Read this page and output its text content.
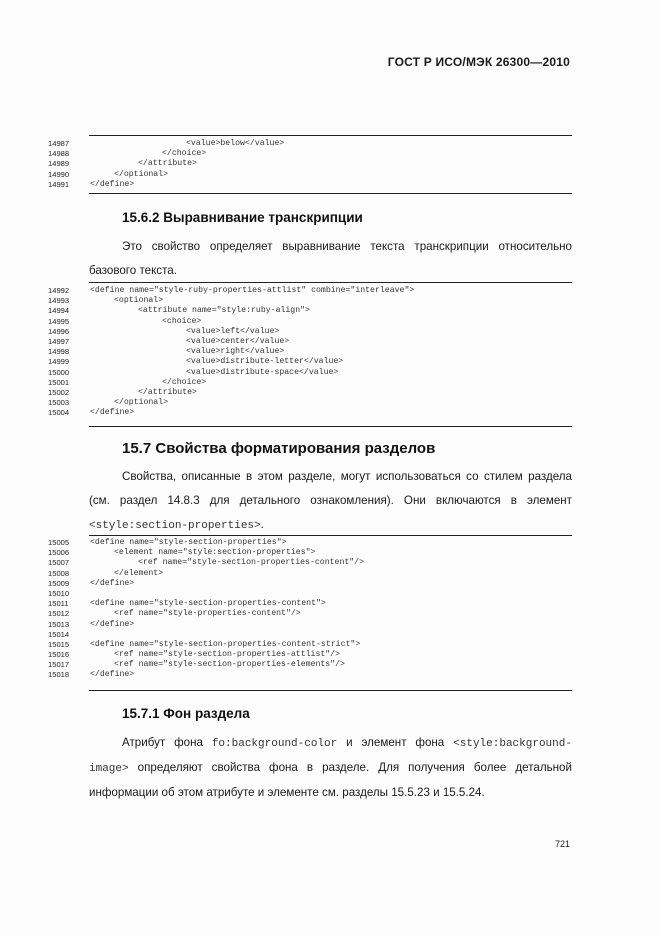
ГОСТ Р ИСО/МЭК 26300—2010
14987	<value>below</value>
14988	</choice>
14989	</attribute>
14990	</optional>
14991	</define>
15.6.2 Выравнивание транскрипции
Это свойство определяет выравнивание текста транскрипции относительно базового текста.
14992	<define name="style-ruby-properties-attlist" combine="interleave">
14993	<optional>
14994	<attribute name="style:ruby-align">
14995	<choice>
14996	<value>left</value>
14997	<value>center</value>
14998	<value>right</value>
14999	<value>distribute-letter</value>
15000	<value>distribute-space</value>
15001	</choice>
15002	</attribute>
15003	</optional>
15004	</define>
15.7 Свойства форматирования разделов
Свойства, описанные в этом разделе, могут использоваться со стилем раздела (см. раздел 14.8.3 для детального ознакомления). Они включаются в элемент <style:section-properties>.
15005	<define name="style-section-properties">
15006	<element name="style:section-properties">
15007	<ref name="style-section-properties-content"/>
15008	</element>
15009	</define>
15010
15011	<define name="style-section-properties-content">
15012	<ref name="style-properties-content"/>
15013	</define>
15014
15015	<define name="style-section-properties-content-strict">
15016	<ref name="style-section-properties-attlist"/>
15017	<ref name="style-section-properties-elements"/>
15018	</define>
15.7.1 Фон раздела
Атрибут фона fo:background-color и элемент фона <style:background-image> определяют свойства фона в разделе. Для получения более детальной информации об этом атрибуте и элементе см. разделы 15.5.23 и 15.5.24.
721
